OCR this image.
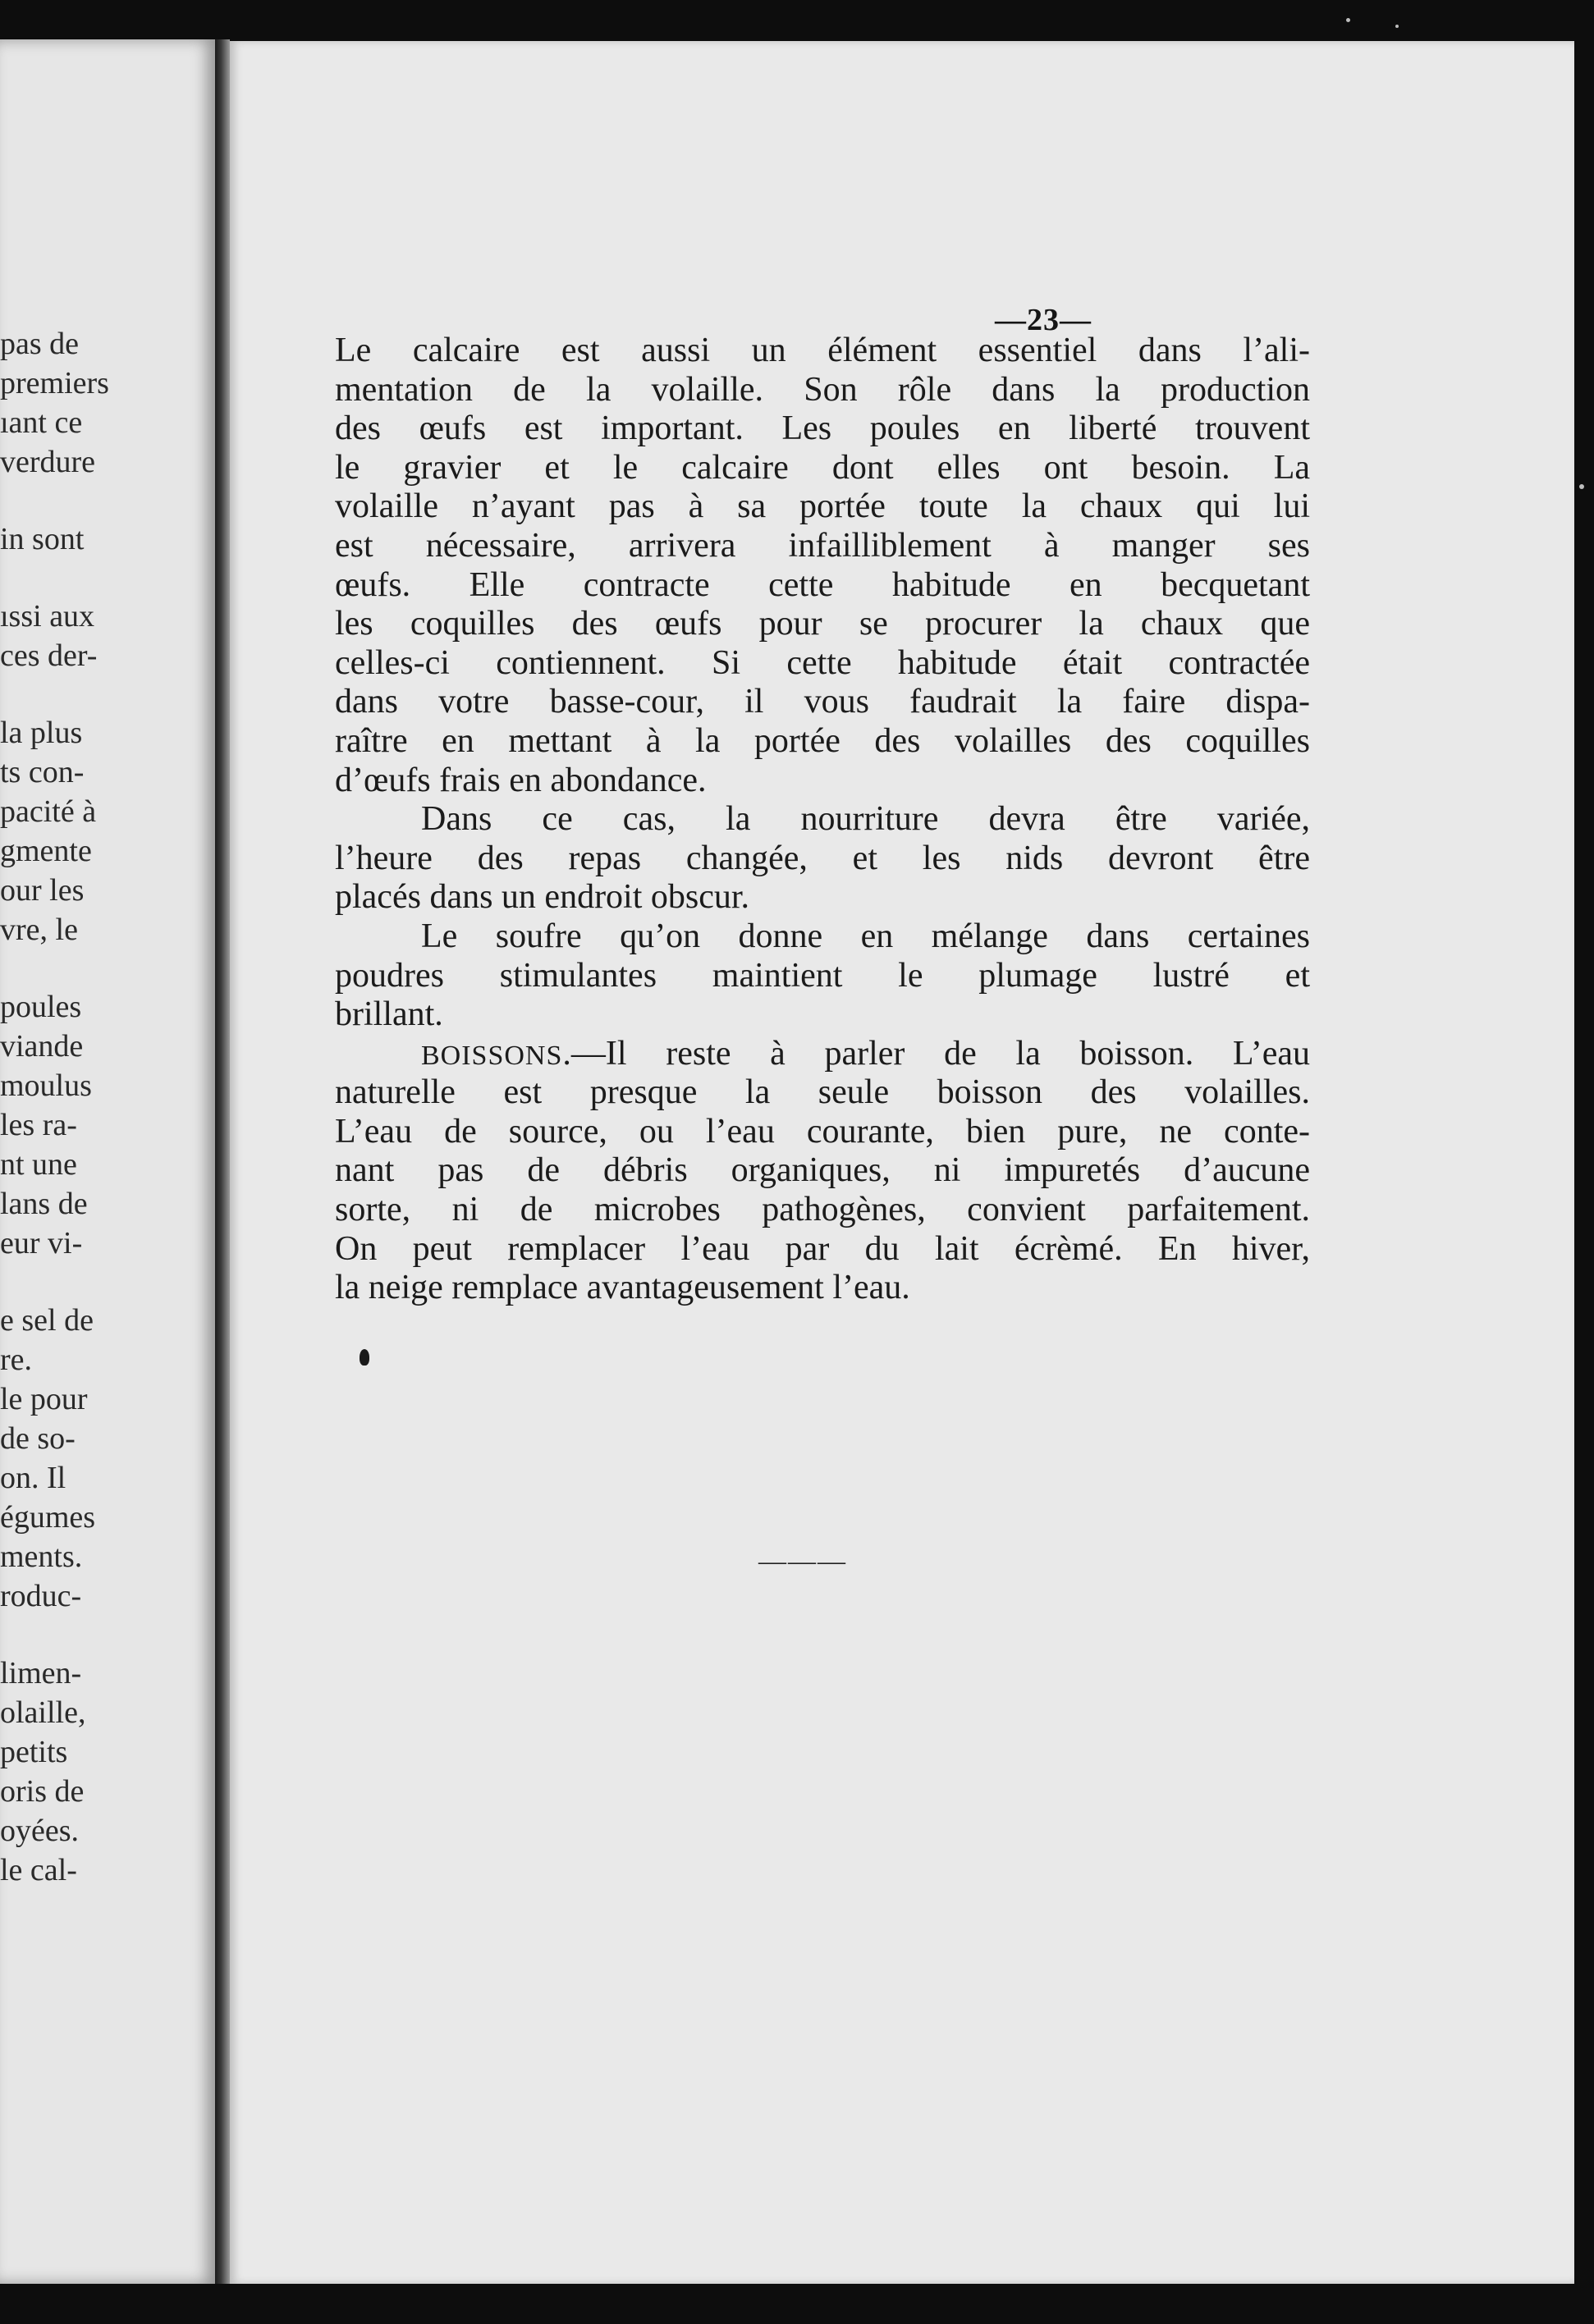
pas de
premiers
ıant ce
verdure
in sont
ıssi aux
ces der-
la plus
ts con-
pacité à
gmente
our les
vre, le
poules
viande
moulus
les ra-
nt une
lans de
eur vi-
e sel de
re.
le pour
de so-
on. Il
égumes
ments.
roduc-
limen-
olaille,
petits
oris de
oyées.
le cal-
—23—
Le calcaire est aussi un élément essentiel dans l’ali-
mentation de la volaille. Son rôle dans la production
des œufs est important. Les poules en liberté trouvent
le gravier et le calcaire dont elles ont besoin. La
volaille n’ayant pas à sa portée toute la chaux qui lui
est nécessaire, arrivera infailliblement à manger ses
œufs. Elle contracte cette habitude en becquetant
les coquilles des œufs pour se procurer la chaux que
celles-ci contiennent. Si cette habitude était contractée
dans votre basse-cour, il vous faudrait la faire dispa-
raître en mettant à la portée des volailles des coquilles
d’œufs frais en abondance.
Dans ce cas, la nourriture devra être variée,
l’heure des repas changée, et les nids devront être
placés dans un endroit obscur.
Le soufre qu’on donne en mélange dans certaines
poudres stimulantes maintient le plumage lustré et
brillant.
BOISSONS.—Il reste à parler de la boisson. L’eau
naturelle est presque la seule boisson des volailles.
L’eau de source, ou l’eau courante, bien pure, ne conte-
nant pas de débris organiques, ni impuretés d’aucune
sorte, ni de microbes pathogènes, convient parfaitement.
On peut remplacer l’eau par du lait écrèmé. En hiver,
la neige remplace avantageusement l’eau.
———
